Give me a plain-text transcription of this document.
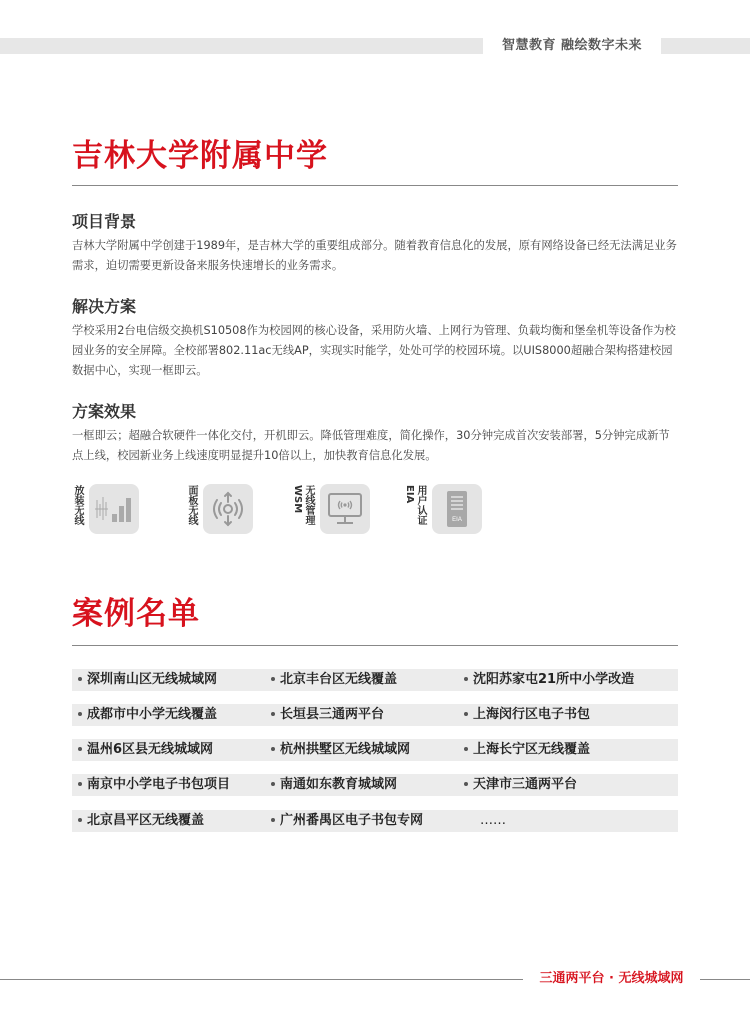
智慧教育 融绘数字未来
吉林大学附属中学
项目背景

吉林大学附属中学创建于1989年，是吉林大学的重要组成部分。随着教育信息化的发展，原有网络设备已经无法满足业务需求，迫切需要更新设备来服务快速增长的业务需求。

解决方案

学校采用2台电信级交换机S10508作为校园网的核心设备，采用防火墙、上网行为管理、负载均衡和堡垒机等设备作为校园业务的安全屏障。全校部署802.11ac无线AP，实现实时能学，处处可学的校园环境。以UIS8000超融合架构搭建校园数据中心，实现一框即云。

方案效果

一框即云；超融合软硬件一体化交付，开机即云。降低管理难度，简化操作，30分钟完成首次安装部署，5分钟完成新节点上线，校园新业务上线速度明显提升10倍以上，加快教育信息化发展。

放装无线	面板无线	无线管理WSM	用户认证EIA
EIA
案例名单
深圳南山区无线城域网	北京丰台区无线覆盖	沈阳苏家屯21所中小学改造
成都市中小学无线覆盖	长垣县三通两平台	上海闵行区电子书包
温州6区县无线城域网	杭州拱墅区无线城域网	上海长宁区无线覆盖
南京中小学电子书包项目	南通如东教育城域网	天津市三通两平台
北京昌平区无线覆盖	广州番禺区电子书包专网	……
三通两平台 · 无线城域网
